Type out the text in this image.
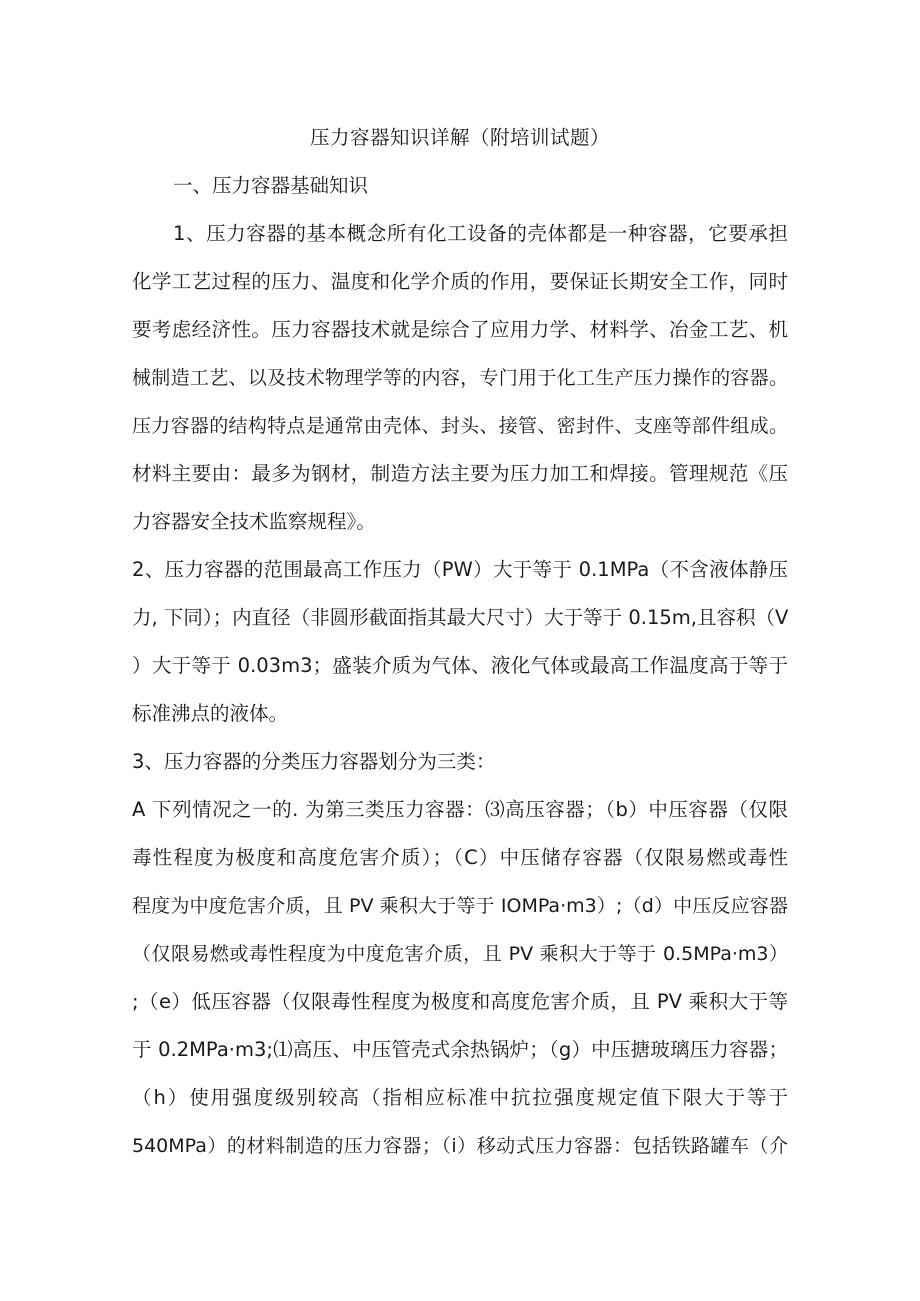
压力容器知识详解（附培训试题）
一、压力容器基础知识
1、压力容器的基本概念所有化工设备的壳体都是一种容器，它要承担
化学工艺过程的压力、温度和化学介质的作用，要保证长期安全工作，同时
要考虑经济性。压力容器技术就是综合了应用力学、材料学、冶金工艺、机
械制造工艺、以及技术物理学等的内容，专门用于化工生产压力操作的容器。
压力容器的结构特点是通常由壳体、封头、接管、密封件、支座等部件组成。
材料主要由：最多为钢材，制造方法主要为压力加工和焊接。管理规范《压
力容器安全技术监察规程》。
2、压力容器的范围最高工作压力（PW）大于等于 0.1MPa（不含液体静压
力, 下同）；内直径（非圆形截面指其最大尺寸）大于等于 0.15m,且容积（V
）大于等于 0.03m3；盛装介质为气体、液化气体或最高工作温度高于等于
标准沸点的液体。
3、压力容器的分类压力容器划分为三类：
A 下列情况之一的. 为第三类压力容器：⑶高压容器；（b）中压容器（仅限
毒性程度为极度和高度危害介质）；（C）中压储存容器（仅限易燃或毒性
程度为中度危害介质，且 PV 乘积大于等于 IOMPa·m3）;（d）中压反应容器
（仅限易燃或毒性程度为中度危害介质，且 PV 乘积大于等于 0.5MPa·m3）
;（e）低压容器（仅限毒性程度为极度和高度危害介质，且 PV 乘积大于等
于 0.2MPa·m3;⑴高压、中压管壳式余热锅炉；（g）中压搪玻璃压力容器；
（h）使用强度级别较高（指相应标准中抗拉强度规定值下限大于等于
540MPa）的材料制造的压力容器；（i）移动式压力容器：包括铁路罐车（介
